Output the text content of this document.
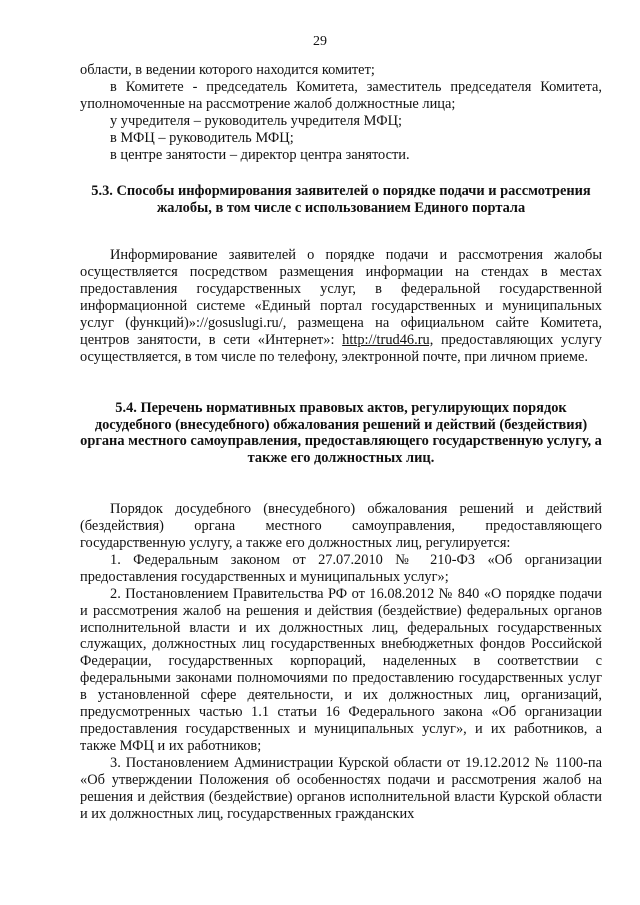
29

области, в ведении которого находится комитет;

в Комитете - председатель Комитета, заместитель председателя Комитета, уполномоченные на рассмотрение жалоб должностные лица;

у учредителя – руководитель учредителя МФЦ;

в МФЦ – руководитель МФЦ;

в центре занятости – директор центра занятости.

5.3. Способы информирования заявителей о порядке подачи и рассмотрения жалобы, в том числе с использованием Единого портала

Информирование заявителей о порядке подачи и рассмотрения жалобы осуществляется посредством размещения информации на стендах в местах предоставления государственных услуг, в федеральной государственной информационной системе «Единый портал государственных и муниципальных услуг (функций)»://gosuslugi.ru/, размещена на официальном сайте Комитета, центров занятости, в сети «Интернет»: http://trud46.ru, предоставляющих услугу осуществляется, в том числе по телефону, электронной почте, при личном приеме.

5.4. Перечень нормативных правовых актов, регулирующих порядок досудебного (внесудебного) обжалования решений и действий (бездействия) органа местного самоуправления, предоставляющего государственную услугу, а также его должностных лиц.

Порядок досудебного (внесудебного) обжалования решений и действий (бездействия) органа местного самоуправления, предоставляющего государственную услугу, а также его должностных лиц, регулируется:

1. Федеральным законом от 27.07.2010 № 210-ФЗ «Об организации предоставления государственных и муниципальных услуг»;

2. Постановлением Правительства РФ от 16.08.2012 № 840 «О порядке подачи и рассмотрения жалоб на решения и действия (бездействие) федеральных органов исполнительной власти и их должностных лиц, федеральных государственных служащих, должностных лиц государственных внебюджетных фондов Российской Федерации, государственных корпораций, наделенных в соответствии с федеральными законами полномочиями по предоставлению государственных услуг в установленной сфере деятельности, и их должностных лиц, организаций, предусмотренных частью 1.1 статьи 16 Федерального закона «Об организации предоставления государственных и муниципальных услуг», и их работников, а также МФЦ и их работников;

3. Постановлением Администрации Курской области от 19.12.2012 № 1100-па «Об утверждении Положения об особенностях подачи и рассмотрения жалоб на решения и действия (бездействие) органов исполнительной власти Курской области и их должностных лиц, государственных гражданских
